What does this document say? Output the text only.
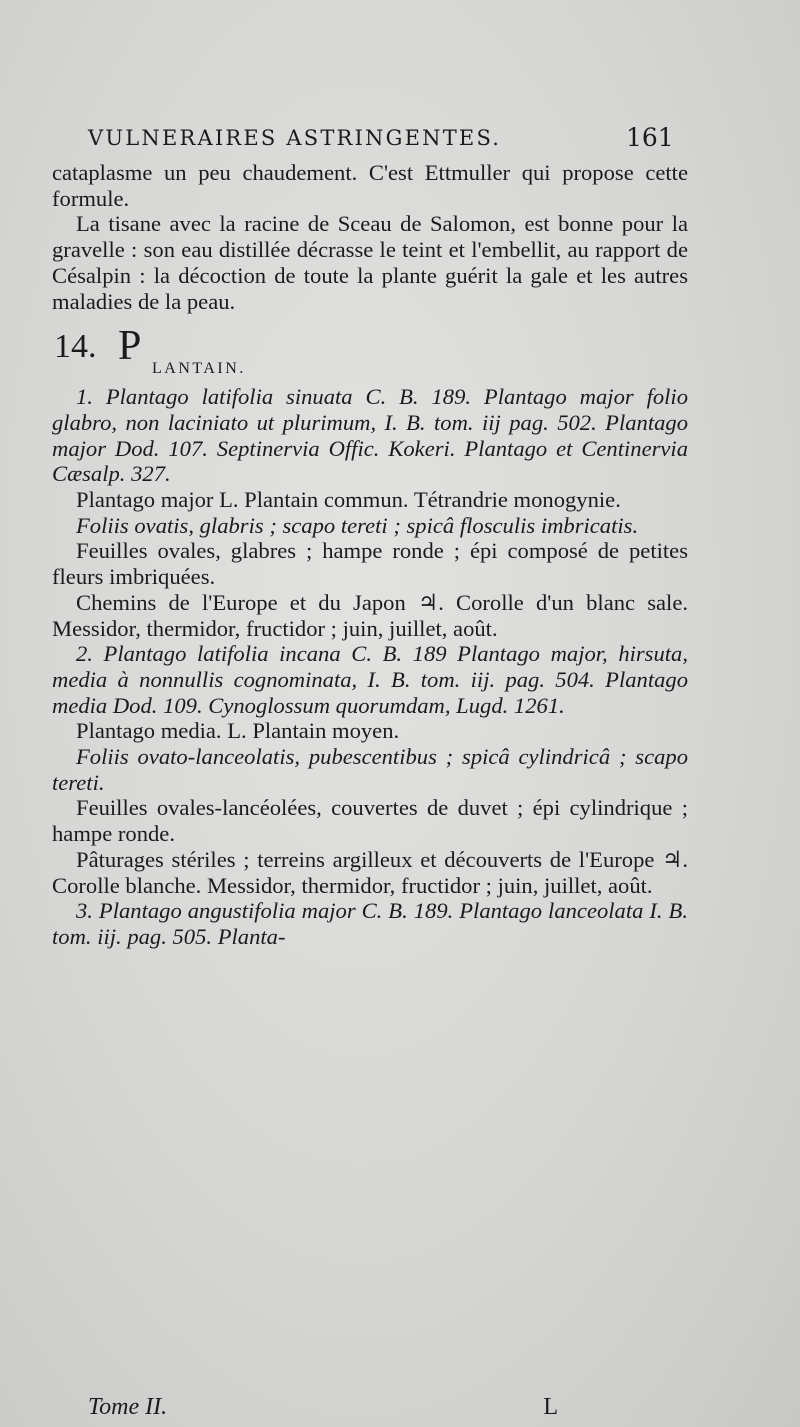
VULNERAIRES ASTRINGENTES.	161

cataplasme un peu chaudement. C'est Ettmuller qui propose cette formule.

La tisane avec la racine de Sceau de Salomon, est bonne pour la gravelle : son eau distillée décrasse le teint et l'embellit, au rapport de Césalpin : la décoction de toute la plante guérit la gale et les autres maladies de la peau.

14. P LANTAIN.

1. Plantago latifolia sinuata C. B. 189. Plantago major folio glabro, non laciniato ut plurimum, I. B. tom. iij pag. 502. Plantago major Dod. 107. Septinervia Offic. Kokeri. Plantago et Centinervia Cæsalp. 327.

Plantago major L. Plantain commun. Tétrandrie monogynie.

Foliis ovatis, glabris ; scapo tereti ; spicâ flosculis imbricatis.

Feuilles ovales, glabres ; hampe ronde ; épi composé de petites fleurs imbriquées.

Chemins de l'Europe et du Japon ♃. Corolle d'un blanc sale. Messidor, thermidor, fructidor ; juin, juillet, août.

2. Plantago latifolia incana C. B. 189 Plantago major, hirsuta, media à nonnullis cognominata, I. B. tom. iij. pag. 504. Plantago media Dod. 109. Cynoglossum quorumdam, Lugd. 1261.

Plantago media. L. Plantain moyen.

Foliis ovato-lanceolatis, pubescentibus ; spicâ cylindricâ ; scapo tereti.

Feuilles ovales-lancéolées, couvertes de duvet ; épi cylindrique ; hampe ronde.

Pâturages stériles ; terreins argilleux et découverts de l'Europe ♃. Corolle blanche. Messidor, thermidor, fructidor ; juin, juillet, août.

3. Plantago angustifolia major C. B. 189. Plantago lanceolata I. B. tom. iij. pag. 505. Planta-

Tome II.	L
